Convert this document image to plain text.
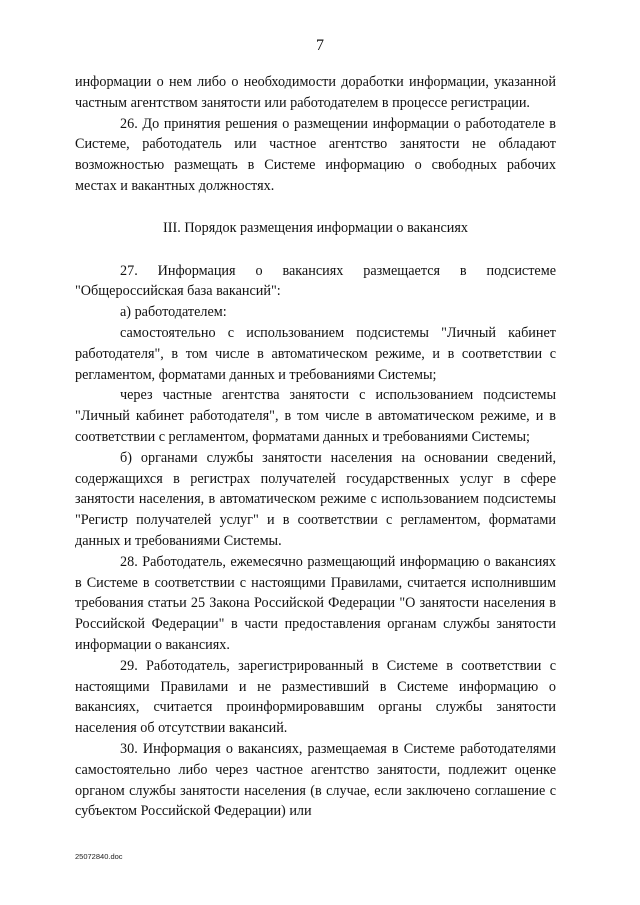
7

информации о нем либо о необходимости доработки информации, указанной частным агентством занятости или работодателем в процессе регистрации.

26. До принятия решения о размещении информации о работодателе в Системе, работодатель или частное агентство занятости не обладают возможностью размещать в Системе информацию о свободных рабочих местах и вакантных должностях.

III. Порядок размещения информации о вакансиях

27. Информация о вакансиях размещается в подсистеме "Общероссийская база вакансий":

а) работодателем:

самостоятельно с использованием подсистемы "Личный кабинет работодателя", в том числе в автоматическом режиме, и в соответствии с регламентом, форматами данных и требованиями Системы;

через частные агентства занятости с использованием подсистемы "Личный кабинет работодателя", в том числе в автоматическом режиме, и в соответствии с регламентом, форматами данных и требованиями Системы;

б) органами службы занятости населения на основании сведений, содержащихся в регистрах получателей государственных услуг в сфере занятости населения, в автоматическом режиме с использованием подсистемы "Регистр получателей услуг" и в соответствии с регламентом, форматами данных и требованиями Системы.

28. Работодатель, ежемесячно размещающий информацию о вакансиях в Системе в соответствии с настоящими Правилами, считается исполнившим требования статьи 25 Закона Российской Федерации "О занятости населения в Российской Федерации" в части предоставления органам службы занятости информации о вакансиях.

29. Работодатель, зарегистрированный в Системе в соответствии с настоящими Правилами и не разместивший в Системе информацию о вакансиях, считается проинформировавшим органы службы занятости населения об отсутствии вакансий.

30. Информация о вакансиях, размещаемая в Системе работодателями самостоятельно либо через частное агентство занятости, подлежит оценке органом службы занятости населения (в случае, если заключено соглашение с субъектом Российской Федерации) или

25072840.doc
